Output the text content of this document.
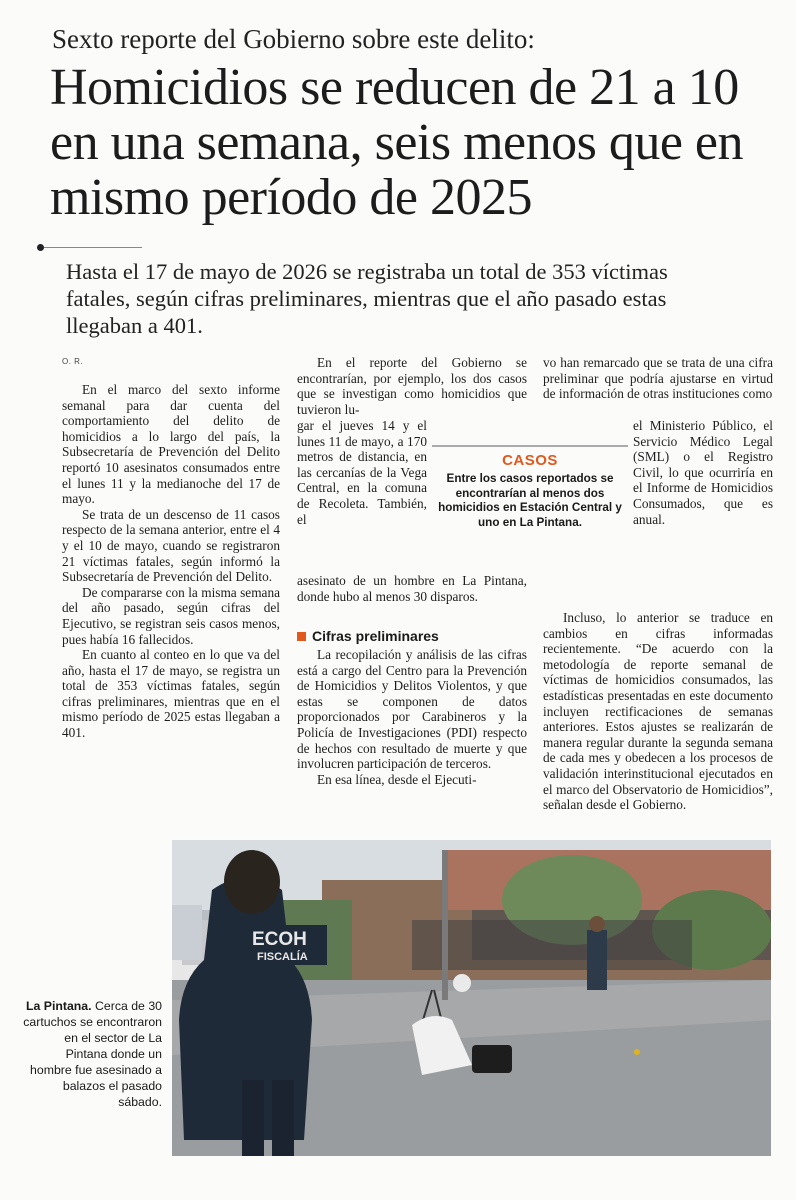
Sexto reporte del Gobierno sobre este delito:
Homicidios se reducen de 21 a 10 en una semana, seis menos que en mismo período de 2025
Hasta el 17 de mayo de 2026 se registraba un total de 353 víctimas fatales, según cifras preliminares, mientras que el año pasado estas llegaban a 401.
O. R.

En el marco del sexto informe semanal para dar cuenta del comportamiento del delito de homicidios a lo largo del país, la Subsecretaría de Prevención del Delito reportó 10 asesinatos consumados entre el lunes 11 y la medianoche del 17 de mayo.

Se trata de un descenso de 11 casos respecto de la semana anterior, entre el 4 y el 10 de mayo, cuando se registraron 21 víctimas fatales, según informó la Subsecretaría de Prevención del Delito.

De compararse con la misma semana del año pasado, según cifras del Ejecutivo, se registran seis casos menos, pues había 16 fallecidos.

En cuanto al conteo en lo que va del año, hasta el 17 de mayo, se registra un total de 353 víctimas fatales, según cifras preliminares, mientras que en el mismo período de 2025 estas llegaban a 401.

En el reporte del Gobierno se encontrarían, por ejemplo, los dos casos que se investigan como homicidios que tuvieron lu-

gar el jueves 14 y el lunes 11 de mayo, a 170 metros de distancia, en las cercanías de la Vega Central, en la comuna de Recoleta. También, el
asesinato de un hombre en La Pintana, donde hubo al menos 30 disparos.
Cifras preliminares

La recopilación y análisis de las cifras está a cargo del Centro para la Prevención de Homicidios y Delitos Violentos, y que estas se componen de datos proporcionados por Carabineros y la Policía de Investigaciones (PDI) respecto de hechos con resultado de muerte y que involucren participación de terceros.

En esa línea, desde el Ejecuti-

vo han remarcado que se trata de una cifra preliminar que podría ajustarse en virtud de información de otras instituciones como
el Ministerio Público, el Servicio Médico Legal (SML) o el Registro Civil, lo que ocurriría en el Informe de Homicidios Consumados, que es anual.

Incluso, lo anterior se traduce en cambios en cifras informadas recientemente. “De acuerdo con la metodología de reporte semanal de víctimas de homicidios consumados, las estadísticas presentadas en este documento incluyen rectificaciones de semanas anteriores. Estos ajustes se realizarán de manera regular durante la segunda semana de cada mes y obedecen a los procesos de validación interinstitucional ejecutados en el marco del Observatorio de Homicidios”, señalan desde el Gobierno.

CASOS
Entre los casos reportados se encontrarían al menos dos homicidios en Estación Central y uno en La Pintana.
ECOH
FISCALÍA
La Pintana. Cerca de 30 cartuchos se encontraron en el sector de La Pintana donde un hombre fue asesinado a balazos el pasado sábado.
